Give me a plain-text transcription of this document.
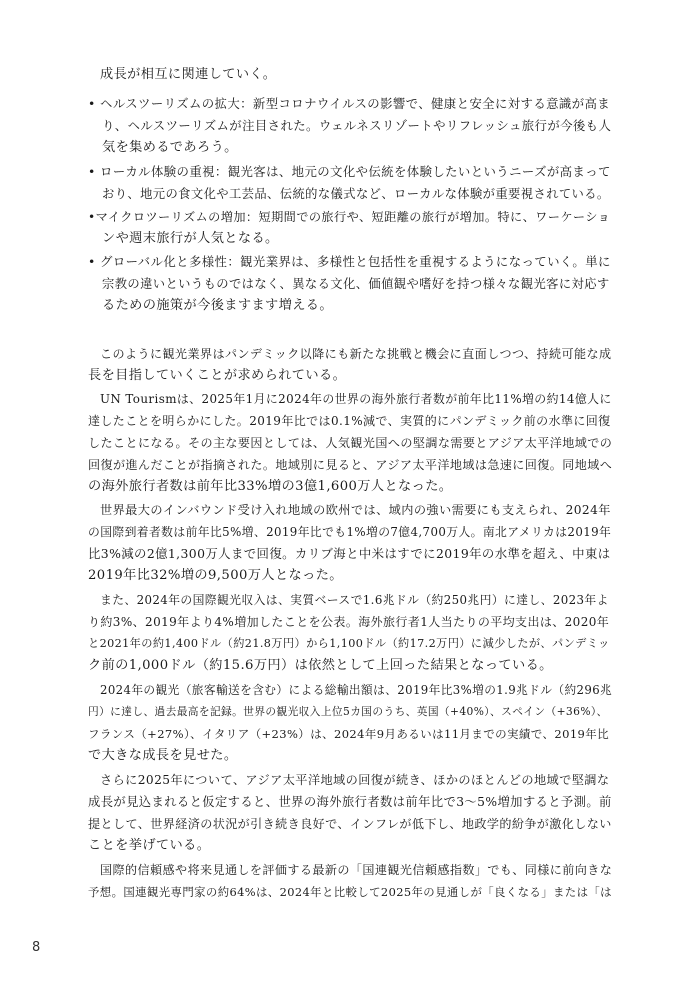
成長が相互に関連していく。
• ヘルスツーリズムの拡大：新型コロナウイルスの影響で、健康と安全に対する意識が高ま
り、ヘルスツーリズムが注目された。ウェルネスリゾートやリフレッシュ旅行が今後も人
気を集めるであろう。
• ローカル体験の重視：観光客は、地元の文化や伝統を体験したいというニーズが高まって
おり、地元の食文化や工芸品、伝統的な儀式など、ローカルな体験が重要視されている。
•マイクロツーリズムの増加：短期間での旅行や、短距離の旅行が増加。特に、ワーケーショ
ンや週末旅行が人気となる。
• グローバル化と多様性：観光業界は、多様性と包括性を重視するようになっていく。単に
宗教の違いというものではなく、異なる文化、価値観や嗜好を持つ様々な観光客に対応す
るための施策が今後ますます増える。
このように観光業界はパンデミック以降にも新たな挑戦と機会に直面しつつ、持続可能な成
長を目指していくことが求められている。
UN Tourismは、2025年1月に2024年の世界の海外旅行者数が前年比11%増の約14億人に
達したことを明らかにした。2019年比では0.1%減で、実質的にパンデミック前の水準に回復
したことになる。その主な要因としては、人気観光国への堅調な需要とアジア太平洋地域での
回復が進んだことが指摘された。地域別に見ると、アジア太平洋地域は急速に回復。同地域へ
の海外旅行者数は前年比33%増の3億1,600万人となった。
世界最大のインバウンド受け入れ地域の欧州では、域内の強い需要にも支えられ、2024年
の国際到着者数は前年比5%増、2019年比でも1%増の7億4,700万人。南北アメリカは2019年
比3%減の2億1,300万人まで回復。カリブ海と中米はすでに2019年の水準を超え、中東は
2019年比32%増の9,500万人となった。
また、2024年の国際観光収入は、実質ベースで1.6兆ドル（約250兆円）に達し、2023年よ
り約3%、2019年より4%増加したことを公表。海外旅行者1人当たりの平均支出は、2020年
と2021年の約1,400ドル（約21.8万円）から1,100ドル（約17.2万円）に減少したが、パンデミッ
ク前の1,000ドル（約15.6万円）は依然として上回った結果となっている。
2024年の観光（旅客輸送を含む）による総輸出額は、2019年比3%増の1.9兆ドル（約296兆
円）に達し、過去最高を記録。世界の観光収入上位5カ国のうち、英国（+40%）、スペイン（+36%）、
フランス（+27%）、イタリア（+23%）は、2024年9月あるいは11月までの実績で、2019年比
で大きな成長を見せた。
さらに2025年について、アジア太平洋地域の回復が続き、ほかのほとんどの地域で堅調な
成長が見込まれると仮定すると、世界の海外旅行者数は前年比で3～5%増加すると予測。前
提として、世界経済の状況が引き続き良好で、インフレが低下し、地政学的紛争が激化しない
ことを挙げている。
国際的信頼感や将来見通しを評価する最新の「国連観光信頼感指数」でも、同様に前向きな
予想。国連観光専門家の約64%は、2024年と比較して2025年の見通しが「良くなる」または「は
8
